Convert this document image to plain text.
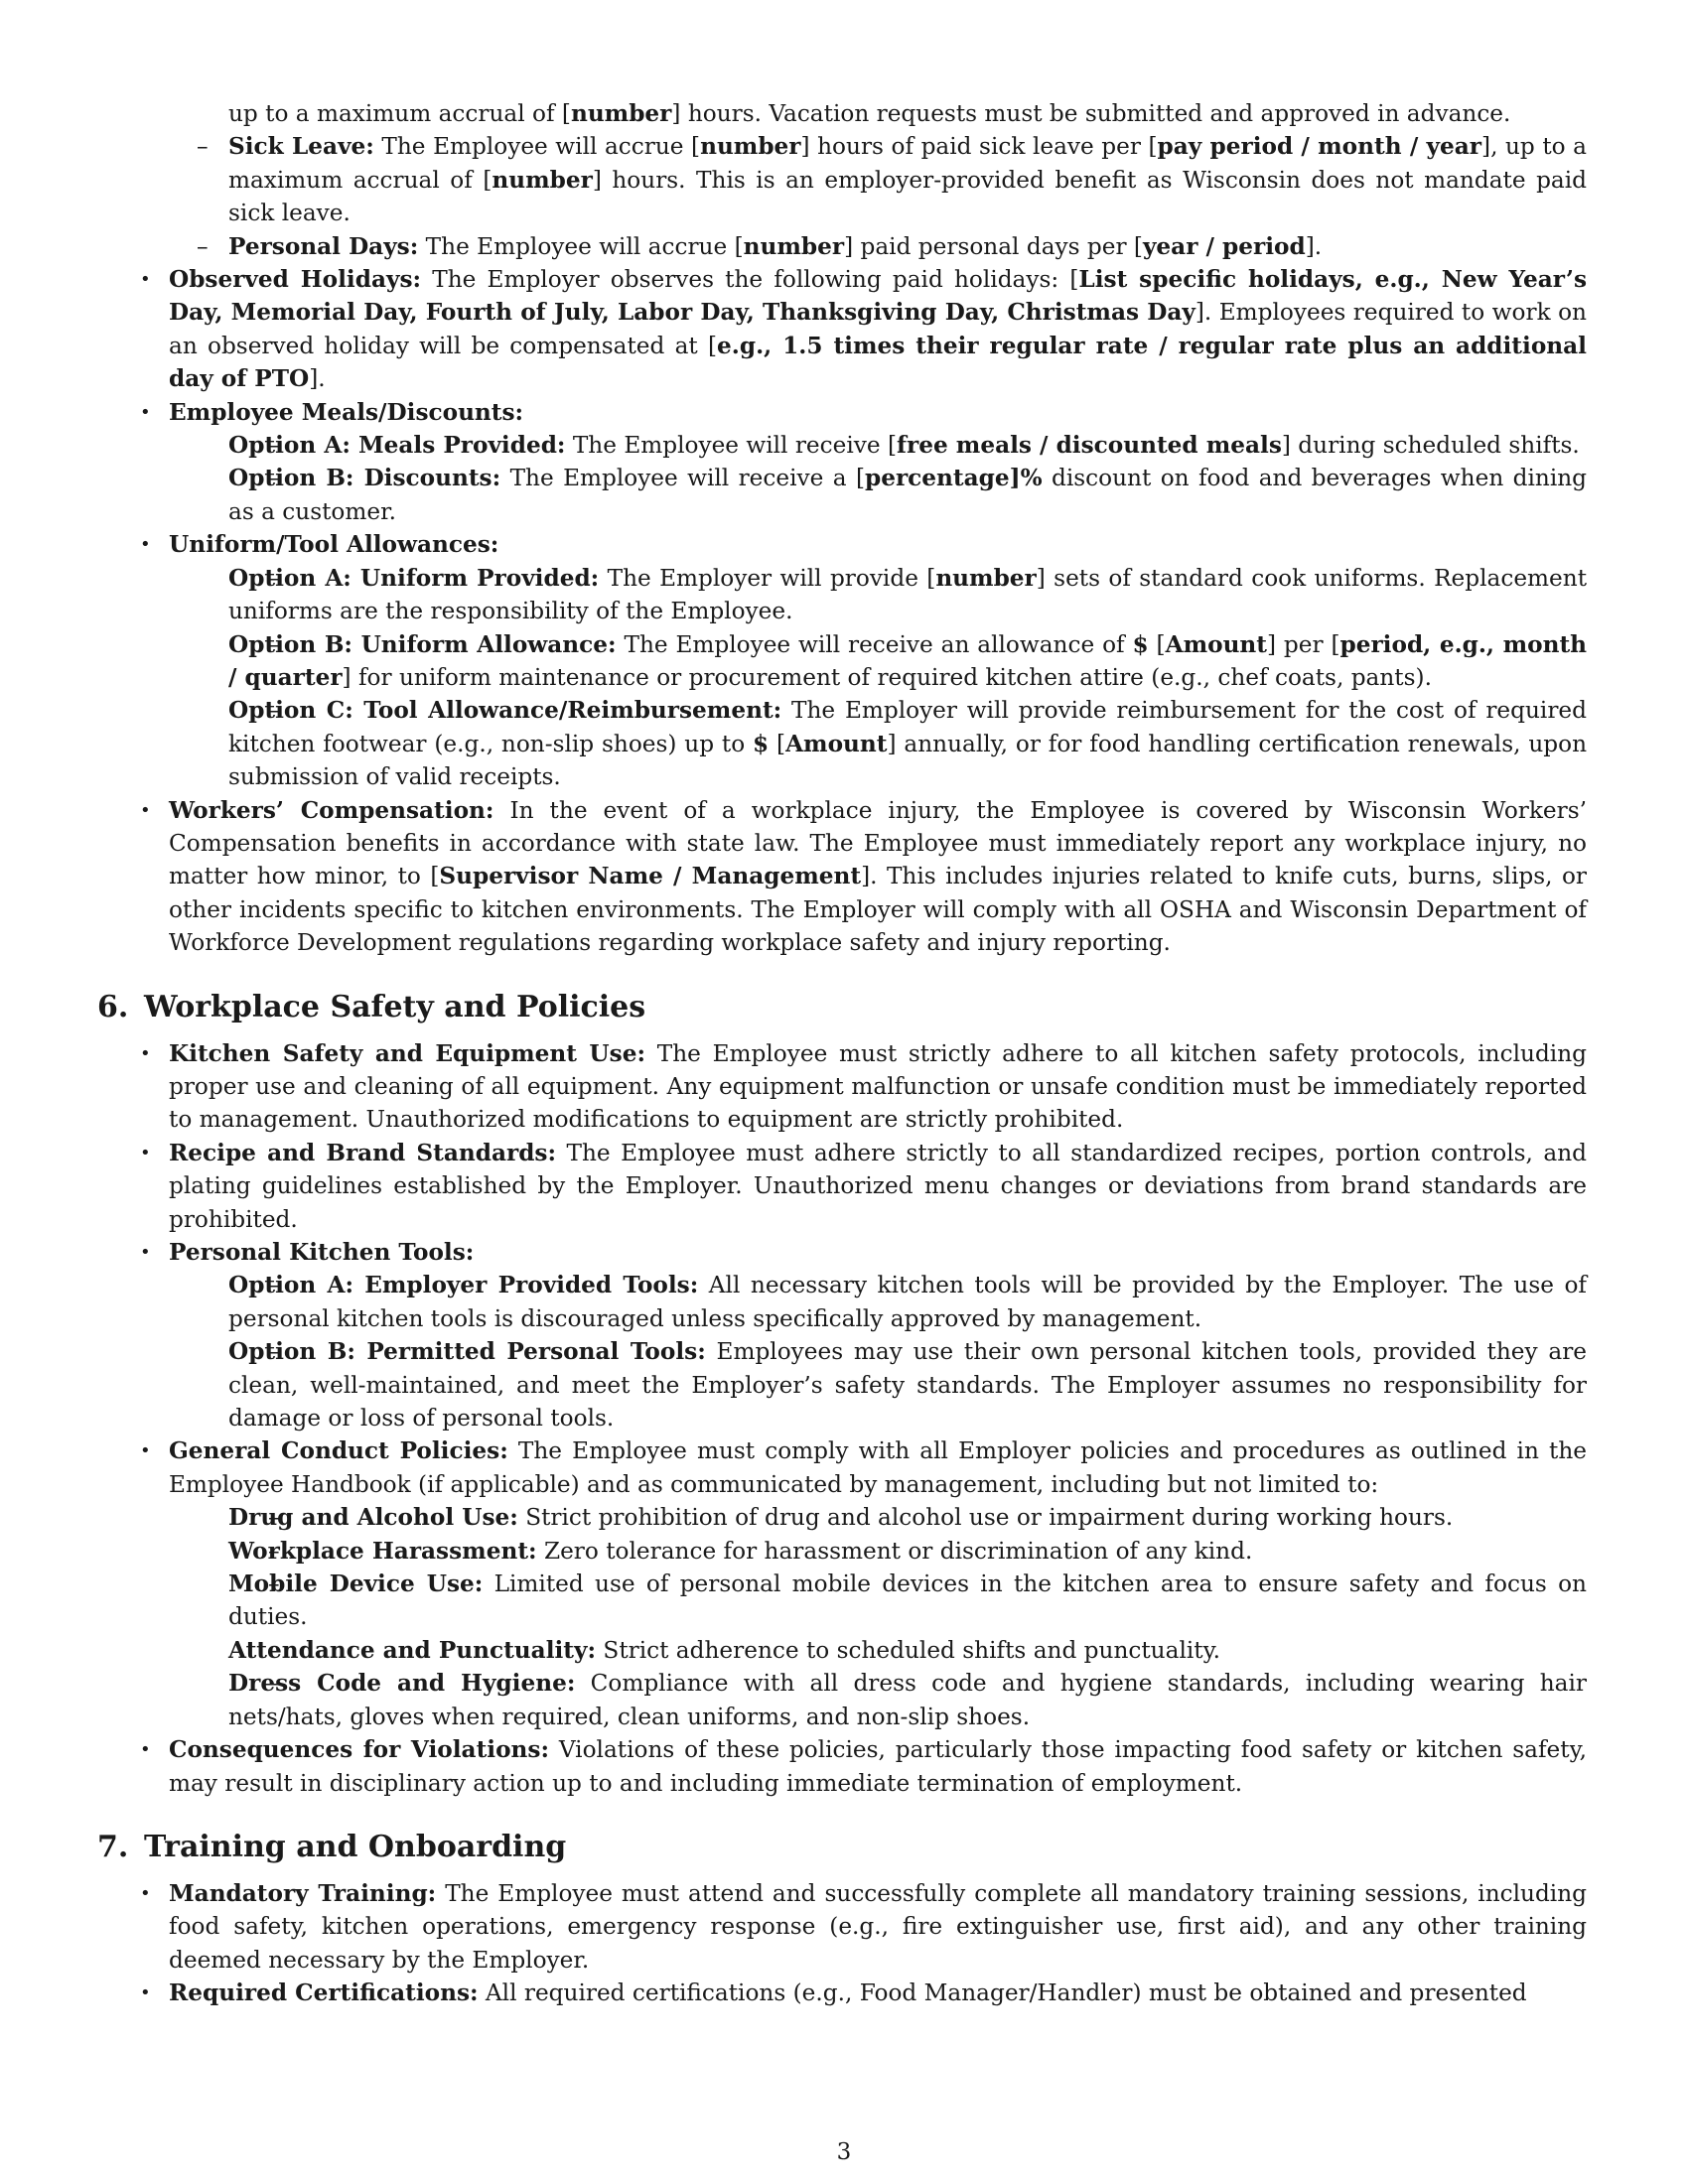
up to a maximum accrual of [number] hours. Vacation requests must be submitted and approved in advance.
– Sick Leave: The Employee will accrue [number] hours of paid sick leave per [pay period / month / year], up to a maximum accrual of [number] hours. This is an employer-provided benefit as Wisconsin does not mandate paid sick leave.
– Personal Days: The Employee will accrue [number] paid personal days per [year / period].
• Observed Holidays: The Employer observes the following paid holidays: [List specific holidays, e.g., New Year’s Day, Memorial Day, Fourth of July, Labor Day, Thanksgiving Day, Christmas Day]. Employees required to work on an observed holiday will be compensated at [e.g., 1.5 times their regular rate / regular rate plus an additional day of PTO].
• Employee Meals/Discounts:
– Option A: Meals Provided: The Employee will receive [free meals / discounted meals] during scheduled shifts.
– Option B: Discounts: The Employee will receive a [percentage]% discount on food and beverages when dining as a customer.
• Uniform/Tool Allowances:
– Option A: Uniform Provided: The Employer will provide [number] sets of standard cook uniforms. Replacement uniforms are the responsibility of the Employee.
– Option B: Uniform Allowance: The Employee will receive an allowance of $ [Amount] per [period, e.g., month / quarter] for uniform maintenance or procurement of required kitchen attire (e.g., chef coats, pants).
– Option C: Tool Allowance/Reimbursement: The Employer will provide reimbursement for the cost of required kitchen footwear (e.g., non-slip shoes) up to $ [Amount] annually, or for food handling certification renewals, upon submission of valid receipts.
• Workers’ Compensation: In the event of a workplace injury, the Employee is covered by Wisconsin Workers’ Compensation benefits in accordance with state law. The Employee must immediately report any workplace injury, no matter how minor, to [Supervisor Name / Management]. This includes injuries related to knife cuts, burns, slips, or other incidents specific to kitchen environments. The Employer will comply with all OSHA and Wisconsin Department of Workforce Development regulations regarding workplace safety and injury reporting.
6. Workplace Safety and Policies
• Kitchen Safety and Equipment Use: The Employee must strictly adhere to all kitchen safety protocols, including proper use and cleaning of all equipment. Any equipment malfunction or unsafe condition must be immediately reported to management. Unauthorized modifications to equipment are strictly prohibited.
• Recipe and Brand Standards: The Employee must adhere strictly to all standardized recipes, portion controls, and plating guidelines established by the Employer. Unauthorized menu changes or deviations from brand standards are prohibited.
• Personal Kitchen Tools:
– Option A: Employer Provided Tools: All necessary kitchen tools will be provided by the Employer. The use of personal kitchen tools is discouraged unless specifically approved by management.
– Option B: Permitted Personal Tools: Employees may use their own personal kitchen tools, provided they are clean, well-maintained, and meet the Employer’s safety standards. The Employer assumes no responsibility for damage or loss of personal tools.
• General Conduct Policies: The Employee must comply with all Employer policies and procedures as outlined in the Employee Handbook (if applicable) and as communicated by management, including but not limited to:
– Drug and Alcohol Use: Strict prohibition of drug and alcohol use or impairment during working hours.
– Workplace Harassment: Zero tolerance for harassment or discrimination of any kind.
– Mobile Device Use: Limited use of personal mobile devices in the kitchen area to ensure safety and focus on duties.
– Attendance and Punctuality: Strict adherence to scheduled shifts and punctuality.
– Dress Code and Hygiene: Compliance with all dress code and hygiene standards, including wearing hair nets/hats, gloves when required, clean uniforms, and non-slip shoes.
• Consequences for Violations: Violations of these policies, particularly those impacting food safety or kitchen safety, may result in disciplinary action up to and including immediate termination of employment.
7. Training and Onboarding
• Mandatory Training: The Employee must attend and successfully complete all mandatory training sessions, including food safety, kitchen operations, emergency response (e.g., fire extinguisher use, first aid), and any other training deemed necessary by the Employer.
• Required Certifications: All required certifications (e.g., Food Manager/Handler) must be obtained and presented
3
